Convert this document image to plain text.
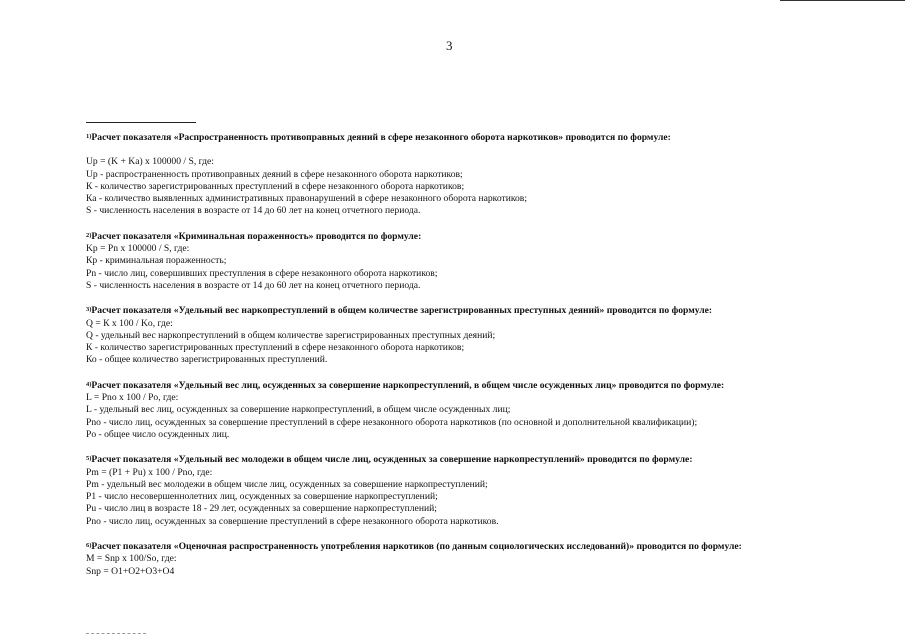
3
$^{1)}$Расчет показателя «Распространенность противоправных деяний в сфере незаконного оборота наркотиков» проводится по формуле:
Up = (K + Ka) x 100000 / S, где:
Up - распространенность противоправных деяний в сфере незаконного оборота наркотиков;
К - количество зарегистрированных преступлений в сфере незаконного оборота наркотиков;
Ка - количество выявленных административных правонарушений в сфере незаконного оборота наркотиков;
S - численность населения в возрасте от 14 до 60 лет на конец отчетного периода.
$^{2)}$Расчет показателя «Криминальная пораженность» проводится по формуле:
Kp = Pn x 100000 / S, где:
Кр - криминальная пораженность;
Pn - число лиц, совершивших преступления в сфере незаконного оборота наркотиков;
S - численность населения в возрасте от 14 до 60 лет на конец отчетного периода.
$^{3)}$Расчет показателя «Удельный вес наркопреступлений в общем количестве зарегистрированных преступных деяний» проводится по формуле:
Q = К x 100 / Ko, где:
Q - удельный вес наркопреступлений в общем количестве зарегистрированных преступных деяний;
К - количество зарегистрированных преступлений в сфере незаконного оборота наркотиков;
Ко - общее количество зарегистрированных преступлений.
$^{4)}$Расчет показателя «Удельный вес лиц, осужденных за совершение наркопреступлений, в общем числе осужденных лиц» проводится по формуле:
L = Pno x 100 / Po, где:
L - удельный вес лиц, осужденных за совершение наркопреступлений, в общем числе осужденных лиц;
Pno - число лиц, осужденных за совершение преступлений в сфере незаконного оборота наркотиков (по основной и дополнительной квалификации);
Po - общее число осужденных лиц.
$^{5)}$Расчет показателя «Удельный вес молодежи в общем числе лиц, осужденных за совершение наркопреступлений» проводится по формуле:
Pm = (P1 + Pu) x 100 / Pno, где:
Pm - удельный вес молодежи в общем числе лиц, осужденных за совершение наркопреступлений;
P1 - число несовершеннолетних лиц, осужденных за совершение наркопреступлений;
Pu - число лиц в возрасте 18 - 29 лет, осужденных за совершение наркопреступлений;
Pno - число лиц, осужденных за совершение преступлений в сфере незаконного оборота наркотиков.
$^{6)}$Расчет показателя «Оценочная распространенность употребления наркотиков (по данным социологических исследований)» проводится по формуле:
M = Snp x 100/So, где:
Snp = O1+O2+O3+O4
